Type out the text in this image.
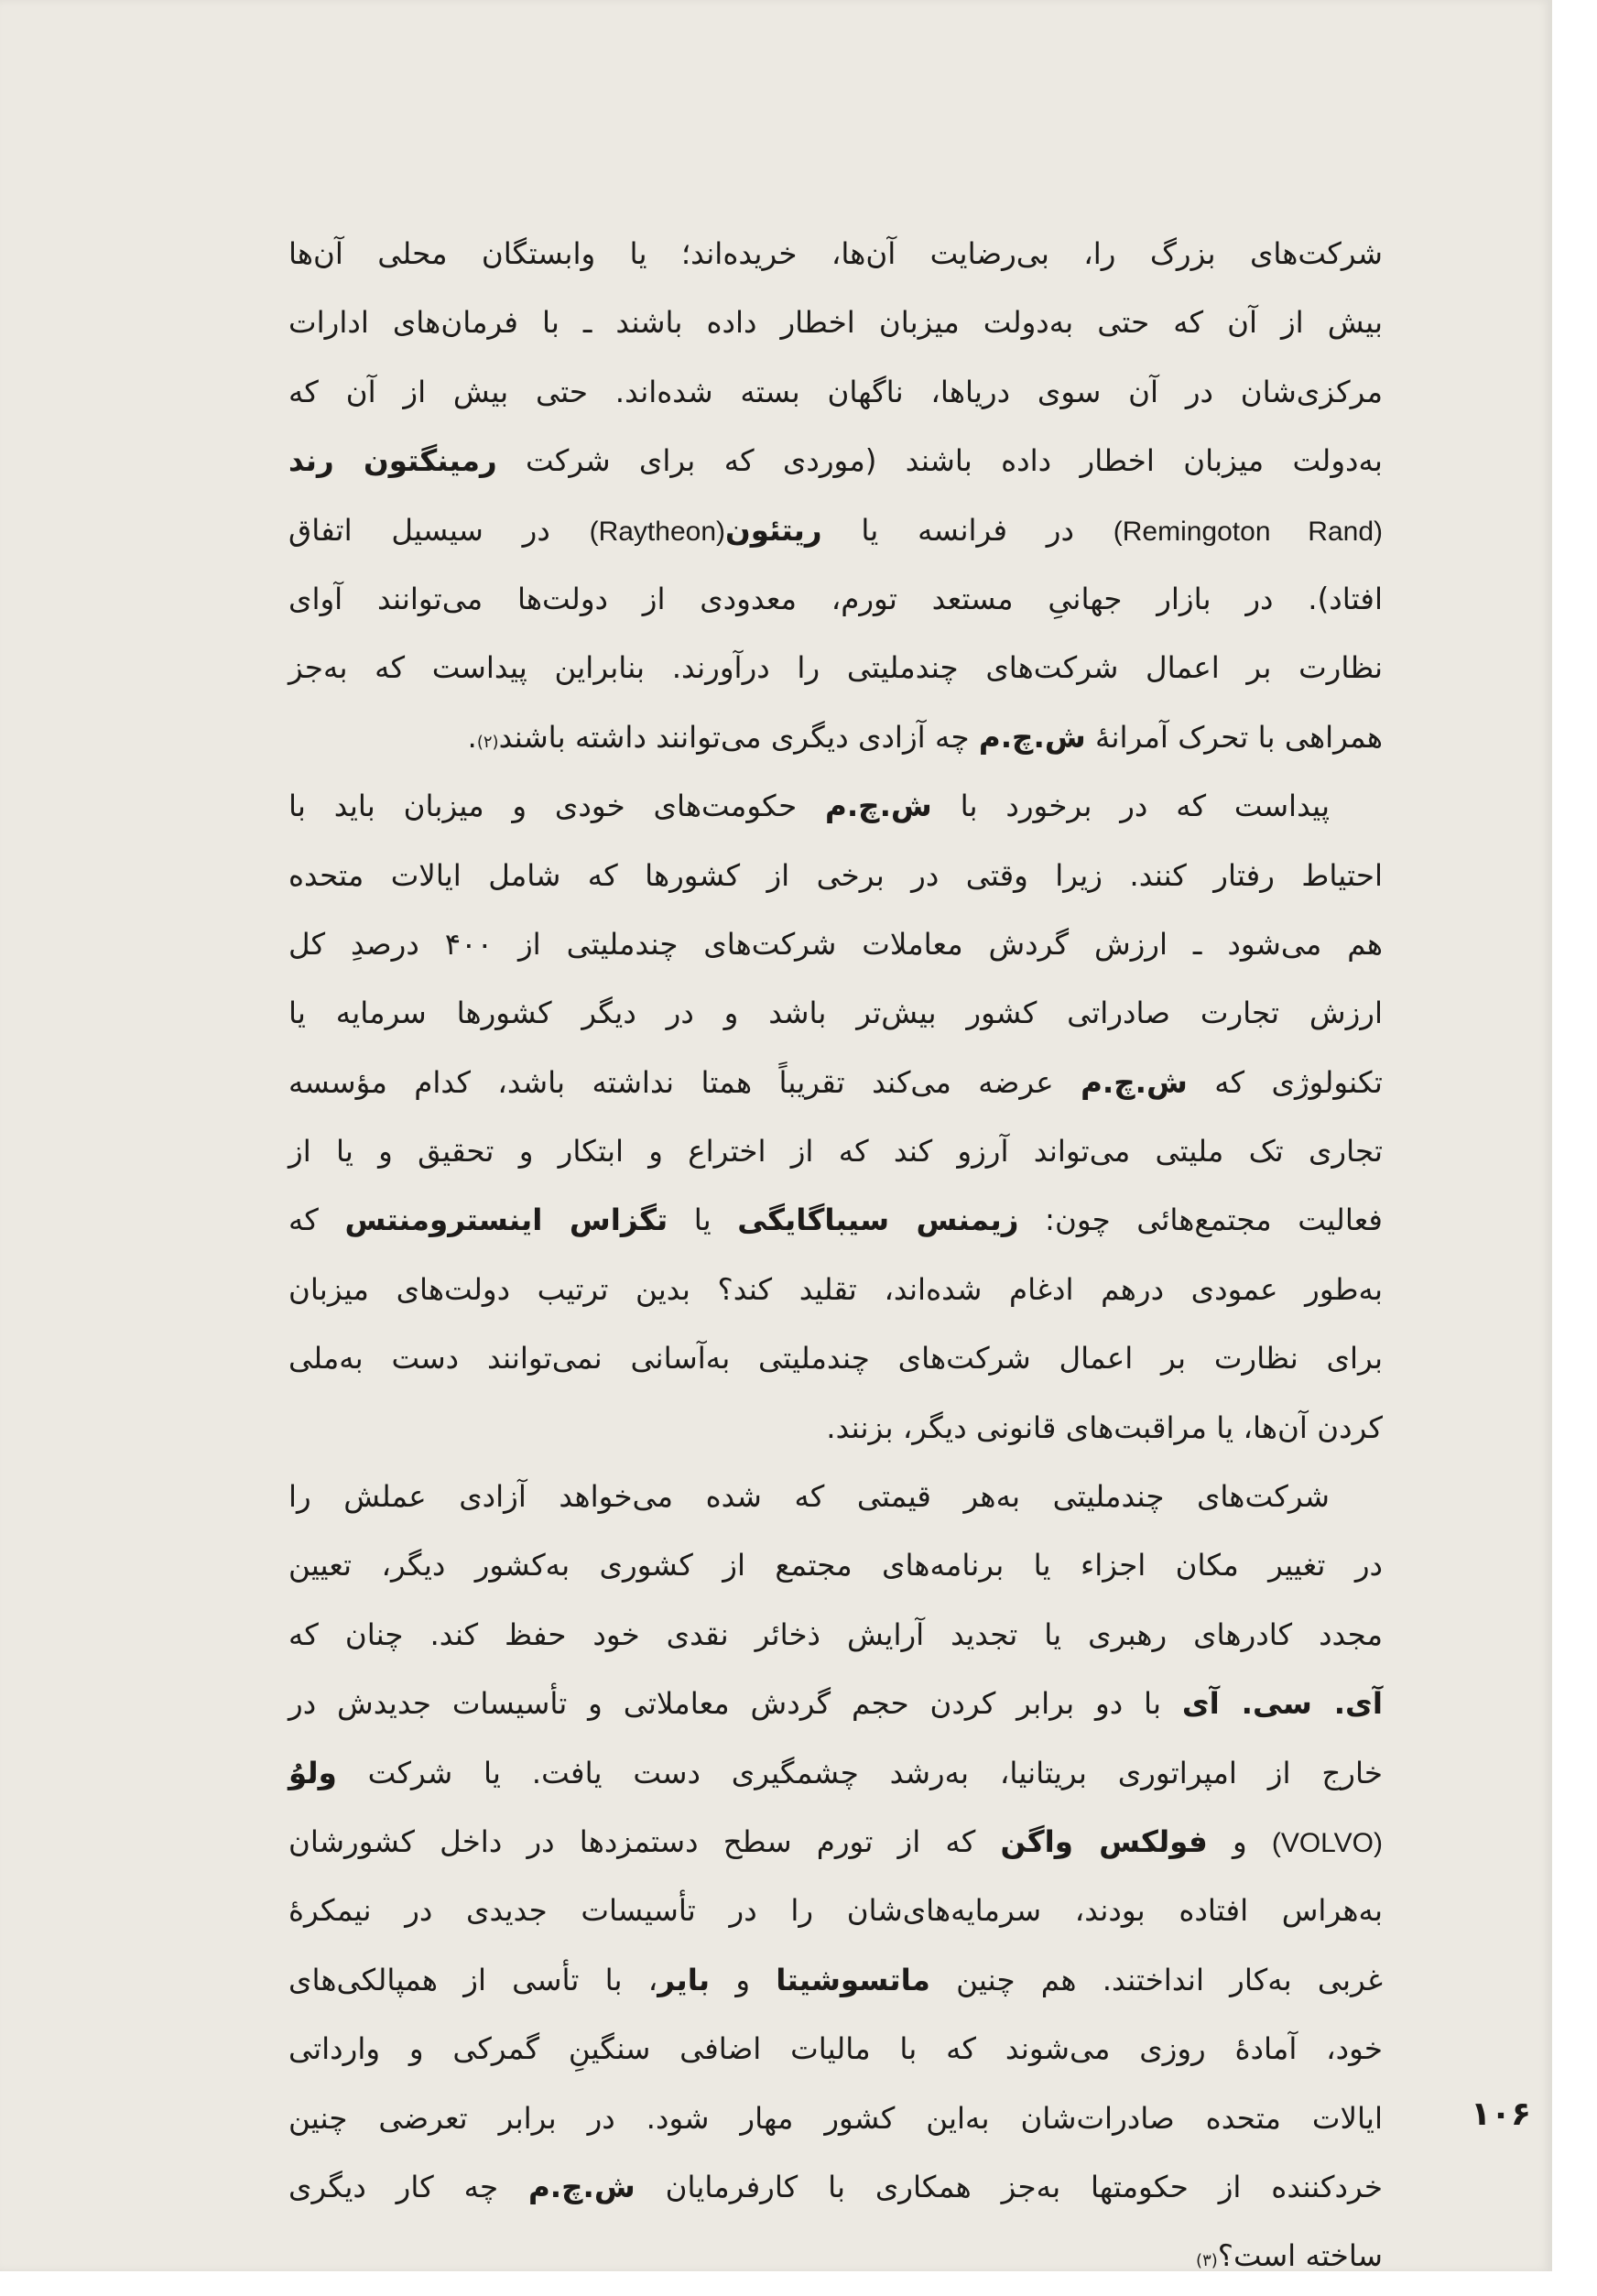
شرکت‌های بزرگ را، بی‌رضایت آن‌ها، خریده‌اند؛ یا وابستگان محلی آن‌ها
بیش از آن که حتی به‌دولت میزبان اخطار داده باشند ـ با فرمان‌های ادارات
مرکزی‌شان در آن سوی دریاها، ناگهان بسته شده‌اند. حتی بیش از آن که
به‌دولت میزبان اخطار داده باشند (موردی که برای شرکت رمینگتون رند
(Remingoton Rand) در فرانسه یا ریتئون(Raytheon) در سیسیل اتفاق
افتاد). در بازار جهانیِ مستعد تورم، معدودی از دولت‌ها می‌توانند آوای
نظارت بر اعمال شرکت‌های چندملیتی را درآورند. بنابراین پیداست که به‌جز
همراهی با تحرک آمرانهٔ ش.چ.م چه آزادی دیگری می‌توانند داشته باشند(۲).

پیداست که در برخورد با ش.چ.م حکومت‌های خودی و میزبان باید با
احتیاط رفتار کنند. زیرا وقتی در برخی از کشورها که شامل ایالات متحده
هم می‌شود ـ ارزش گردش معاملات شرکت‌های چندملیتی از ۴۰۰ درصدِ کل
ارزش تجارت صادراتی کشور بیش‌تر باشد و در دیگر کشورها سرمایه یا
تکنولوژی که ش.چ.م عرضه می‌کند تقریباً همتا نداشته باشد، کدام مؤسسه
تجاری تک ملیتی می‌تواند آرزو کند که از اختراع و ابتکار و تحقیق و یا از
فعالیت مجتمع‌هائی چون: زیمنس سیباگایگی یا تگزاس اینسترومنتس که
به‌طور عمودی درهم ادغام شده‌اند، تقلید کند؟ بدین ترتیب دولت‌های میزبان
برای نظارت بر اعمال شرکت‌های چندملیتی به‌آسانی نمی‌توانند دست به‌ملی
کردن آن‌ها، یا مراقبت‌های قانونی دیگر، بزنند.

شرکت‌های چندملیتی به‌هر قیمتی که شده می‌خواهد آزادی عملش را
در تغییر مکان اجزاء یا برنامه‌های مجتمع از کشوری به‌کشور دیگر، تعیین
مجدد کادرهای رهبری یا تجدید آرایش ذخائر نقدی خود حفظ کند. چنان که
آی. سی. آی با دو برابر کردن حجم گردش معاملاتی و تأسیسات جدیدش در
خارج از امپراتوری بریتانیا، به‌رشد چشمگیری دست یافت. یا شرکت ولوُ
(VOLVO) و فولکس واگن که از تورم سطح دستمزدها در داخل کشورشان
به‌هراس افتاده بودند، سرمایه‌های‌شان را در تأسیسات جدیدی در نیمکرهٔ
غربی به‌کار انداختند. هم چنین ماتسوشیتا و بایر، با تأسی از همپالکی‌های
خود، آمادهٔ روزی می‌شوند که با مالیات اضافی سنگینِ گمرکی و وارداتی
ایالات متحده صادرات‌شان به‌این کشور مهار شود. در برابر تعرضی چنین
خردکننده از حکومتها به‌جز همکاری با کارفرمایان ش.چ.م چه کار دیگری
ساخته است؟(۳)

۱۰۶
